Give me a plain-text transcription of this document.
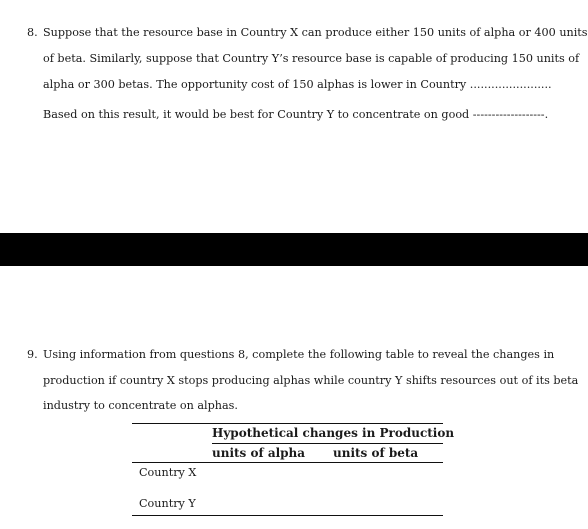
8. Suppose that the resource base in Country X can produce either 150 units of alpha or 400 units
of beta. Similarly, suppose that Country Y’s resource base is capable of producing 150 units of
alpha or 300 betas. The opportunity cost of 150 alphas is lower in Country .......................
Based on this result, it would be best for Country Y to concentrate on good -------------------.
9. Using information from questions 8, complete the following table to reveal the changes in
production if country X stops producing alphas while country Y shifts resources out of its beta
industry to concentrate on alphas.
Hypothetical changes in Production
units of alpha units of beta
Country X
Country Y
